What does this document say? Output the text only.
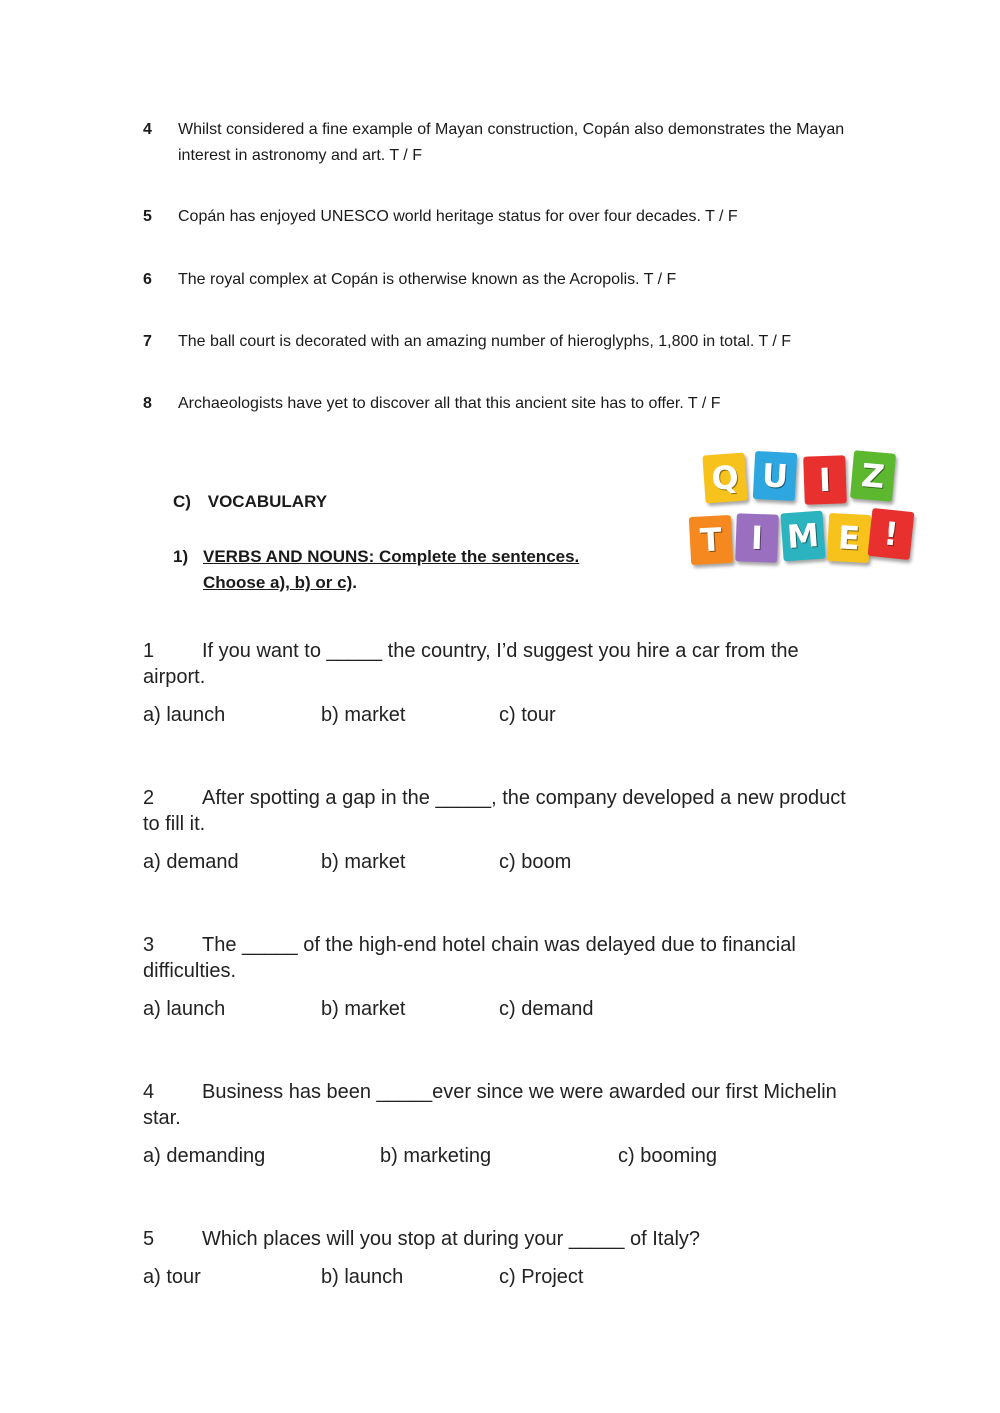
4	Whilst considered a fine example of Mayan construction, Copán also demonstrates the Mayan interest in astronomy and art. T / F
5	Copán has enjoyed UNESCO world heritage status for over four decades. T / F
6	The royal complex at Copán is otherwise known as the Acropolis. T / F
7	The ball court is decorated with an amazing number of hieroglyphs, 1,800 in total. T / F
8	Archaeologists have yet to discover all that this ancient site has to offer. T / F
C) VOCABULARY
1) VERBS AND NOUNS: Complete the sentences.
Choose a), b) or c).
Q U I Z
T I M E !
1 If you want to _____ the country, I’d suggest you hire a car from the airport.
a) launch	b) market	c) tour
2 After spotting a gap in the _____, the company developed a new product to fill it.
a) demand	b) market	c) boom
3 The _____ of the high-end hotel chain was delayed due to financial difficulties.
a) launch	b) market	c) demand
4 Business has been _____ever since we were awarded our first Michelin star.
a) demanding	b) marketing	c) booming
5 Which places will you stop at during your _____ of Italy?
a) tour	b) launch	c) Project
